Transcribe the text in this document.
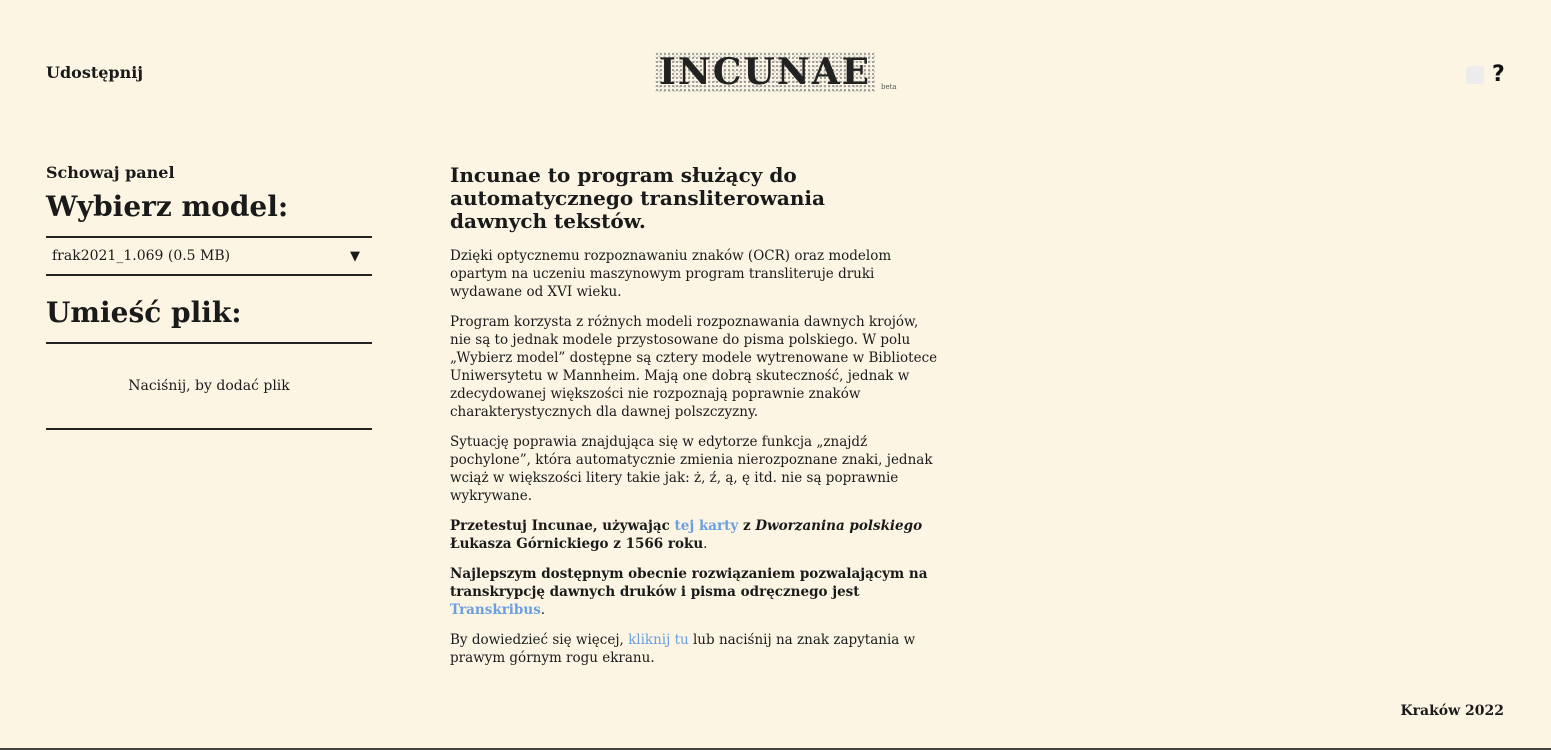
Udostępnij	INCUNAE beta	?

Schowaj panel

Wybierz model:
frak2021_1.069 (0.5 MB)	▼
Umieść plik:
Naciśnij, by dodać plik
Incunae to program służący do automatycznego transliterowania dawnych tekstów.

Dzięki optycznemu rozpoznawaniu znaków (OCR) oraz modelom opartym na uczeniu maszynowym program transliteruje druki wydawane od XVI wieku.

Program korzysta z różnych modeli rozpoznawania dawnych krojów, nie są to jednak modele przystosowane do pisma polskiego. W polu „Wybierz model” dostępne są cztery modele wytrenowane w Bibliotece Uniwersytetu w Mannheim. Mają one dobrą skuteczność, jednak w zdecydowanej większości nie rozpoznają poprawnie znaków charakterystycznych dla dawnej polszczyzny.

Sytuację poprawia znajdująca się w edytorze funkcja „znajdź pochylone”, która automatycznie zmienia nierozpoznane znaki, jednak wciąż w większości litery takie jak: ż, ź, ą, ę itd. nie są poprawnie wykrywane.

Przetestuj Incunae, używając tej karty z Dworzanina polskiego Łukasza Górnickiego z 1566 roku.

Najlepszym dostępnym obecnie rozwiązaniem pozwalającym na transkrypcję dawnych druków i pisma odręcznego jest Transkribus.

By dowiedzieć się więcej, kliknij tu lub naciśnij na znak zapytania w prawym górnym rogu ekranu.

Kraków 2022
